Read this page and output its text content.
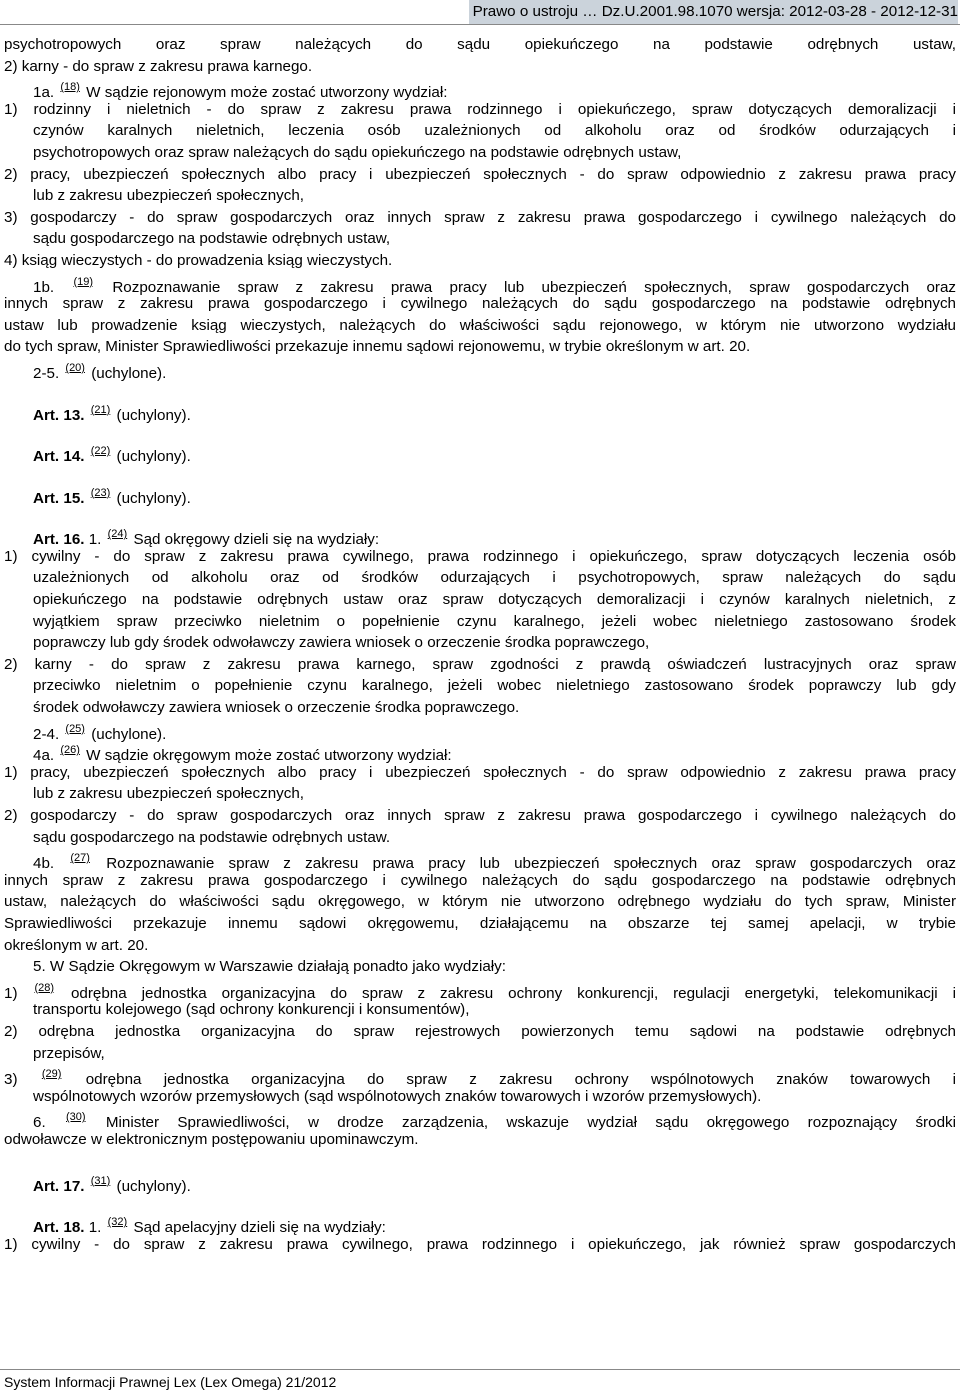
Prawo o ustroju … Dz.U.2001.98.1070 wersja: 2012-03-28 - 2012-12-31
psychotropowych oraz spraw należących do sądu opiekuńczego na podstawie odrębnych ustaw,
2) karny - do spraw z zakresu prawa karnego.
1a. $^{(18)}$ W sądzie rejonowym może zostać utworzony wydział:
1) rodzinny i nieletnich - do spraw z zakresu prawa rodzinnego i opiekuńczego, spraw dotyczących demoralizacji i
czynów karalnych nieletnich, leczenia osób uzależnionych od alkoholu oraz od środków odurzających i
psychotropowych oraz spraw należących do sądu opiekuńczego na podstawie odrębnych ustaw,
2) pracy, ubezpieczeń społecznych albo pracy i ubezpieczeń społecznych - do spraw odpowiednio z zakresu prawa pracy
lub z zakresu ubezpieczeń społecznych,
3) gospodarczy - do spraw gospodarczych oraz innych spraw z zakresu prawa gospodarczego i cywilnego należących do
sądu gospodarczego na podstawie odrębnych ustaw,
4) ksiąg wieczystych - do prowadzenia ksiąg wieczystych.
1b. $^{(19)}$ Rozpoznawanie spraw z zakresu prawa pracy lub ubezpieczeń społecznych, spraw gospodarczych oraz
innych spraw z zakresu prawa gospodarczego i cywilnego należących do sądu gospodarczego na podstawie odrębnych
ustaw lub prowadzenie ksiąg wieczystych, należących do właściwości sądu rejonowego, w którym nie utworzono wydziału
do tych spraw, Minister Sprawiedliwości przekazuje innemu sądowi rejonowemu, w trybie określonym w art. 20.
2-5. $^{(20)}$ (uchylone).
Art. 13. $^{(21)}$ (uchylony).
Art. 14. $^{(22)}$ (uchylony).
Art. 15. $^{(23)}$ (uchylony).
Art. 16. 1. $^{(24)}$ Sąd okręgowy dzieli się na wydziały:
1) cywilny - do spraw z zakresu prawa cywilnego, prawa rodzinnego i opiekuńczego, spraw dotyczących leczenia osób
uzależnionych od alkoholu oraz od środków odurzających i psychotropowych, spraw należących do sądu
opiekuńczego na podstawie odrębnych ustaw oraz spraw dotyczących demoralizacji i czynów karalnych nieletnich, z
wyjątkiem spraw przeciwko nieletnim o popełnienie czynu karalnego, jeżeli wobec nieletniego zastosowano środek
poprawczy lub gdy środek odwoławczy zawiera wniosek o orzeczenie środka poprawczego,
2) karny - do spraw z zakresu prawa karnego, spraw zgodności z prawdą oświadczeń lustracyjnych oraz spraw
przeciwko nieletnim o popełnienie czynu karalnego, jeżeli wobec nieletniego zastosowano środek poprawczy lub gdy
środek odwoławczy zawiera wniosek o orzeczenie środka poprawczego.
2-4. $^{(25)}$ (uchylone).
4a. $^{(26)}$ W sądzie okręgowym może zostać utworzony wydział:
1) pracy, ubezpieczeń społecznych albo pracy i ubezpieczeń społecznych - do spraw odpowiednio z zakresu prawa pracy
lub z zakresu ubezpieczeń społecznych,
2) gospodarczy - do spraw gospodarczych oraz innych spraw z zakresu prawa gospodarczego i cywilnego należących do
sądu gospodarczego na podstawie odrębnych ustaw.
4b. $^{(27)}$ Rozpoznawanie spraw z zakresu prawa pracy lub ubezpieczeń społecznych oraz spraw gospodarczych oraz
innych spraw z zakresu prawa gospodarczego i cywilnego należących do sądu gospodarczego na podstawie odrębnych
ustaw, należących do właściwości sądu okręgowego, w którym nie utworzono odrębnego wydziału do tych spraw, Minister
Sprawiedliwości przekazuje innemu sądowi okręgowemu, działającemu na obszarze tej samej apelacji, w trybie
określonym w art. 20.
5. W Sądzie Okręgowym w Warszawie działają ponadto jako wydziały:
1) $^{(28)}$ odrębna jednostka organizacyjna do spraw z zakresu ochrony konkurencji, regulacji energetyki, telekomunikacji i
transportu kolejowego (sąd ochrony konkurencji i konsumentów),
2) odrębna jednostka organizacyjna do spraw rejestrowych powierzonych temu sądowi na podstawie odrębnych
przepisów,
3) $^{(29)}$ odrębna jednostka organizacyjna do spraw z zakresu ochrony wspólnotowych znaków towarowych i
wspólnotowych wzorów przemysłowych (sąd wspólnotowych znaków towarowych i wzorów przemysłowych).
6. $^{(30)}$ Minister Sprawiedliwości, w drodze zarządzenia, wskazuje wydział sądu okręgowego rozpoznający środki
odwoławcze w elektronicznym postępowaniu upominawczym.
Art. 17. $^{(31)}$ (uchylony).
Art. 18. 1. $^{(32)}$ Sąd apelacyjny dzieli się na wydziały:
1) cywilny - do spraw z zakresu prawa cywilnego, prawa rodzinnego i opiekuńczego, jak również spraw gospodarczych
System Informacji Prawnej Lex (Lex Omega) 21/2012
